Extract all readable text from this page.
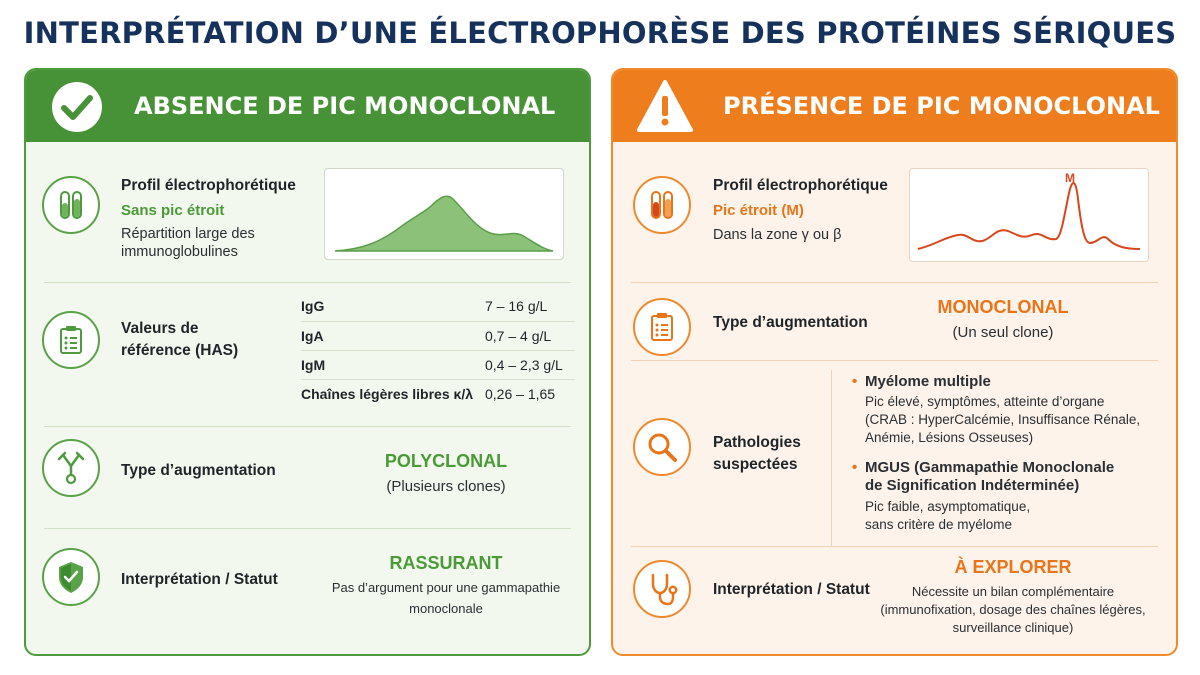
INTERPRÉTATION D’UNE ÉLECTROPHORÈSE DES PROTÉINES SÉRIQUES
ABSENCE DE PIC MONOCLONAL
Profil électrophorétique
Sans pic étroit
Répartition large des
immunoglobulines
Valeurs de
référence (HAS)
IgG	7 – 16 g/L
IgA	0,7 – 4 g/L
IgM	0,4 – 2,3 g/L
Chaînes légères libres κ/λ	0,26 – 1,65
Type d’augmentation	POLYCLONAL
(Plusieurs clones)
Interprétation / Statut
RASSURANT
Pas d’argument pour une gammapathie
monoclonale
PRÉSENCE DE PIC MONOCLONAL
Profil électrophorétique
Pic étroit (M)
Dans la zone γ ou β
M
Type d’augmentation
MONOCLONAL
(Un seul clone)
Pathologies
suspectées
• Myélome multiple
Pic élevé, symptômes, atteinte d’organe
(CRAB : HyperCalcémie, Insuffisance Rénale,
Anémie, Lésions Osseuses)
• MGUS (Gammapathie Monoclonale
de Signification Indéterminée)
Pic faible, asymptomatique,
sans critère de myélome
Interprétation / Statut
À EXPLORER
Nécessite un bilan complémentaire
(immunofixation, dosage des chaînes légères,
surveillance clinique)
